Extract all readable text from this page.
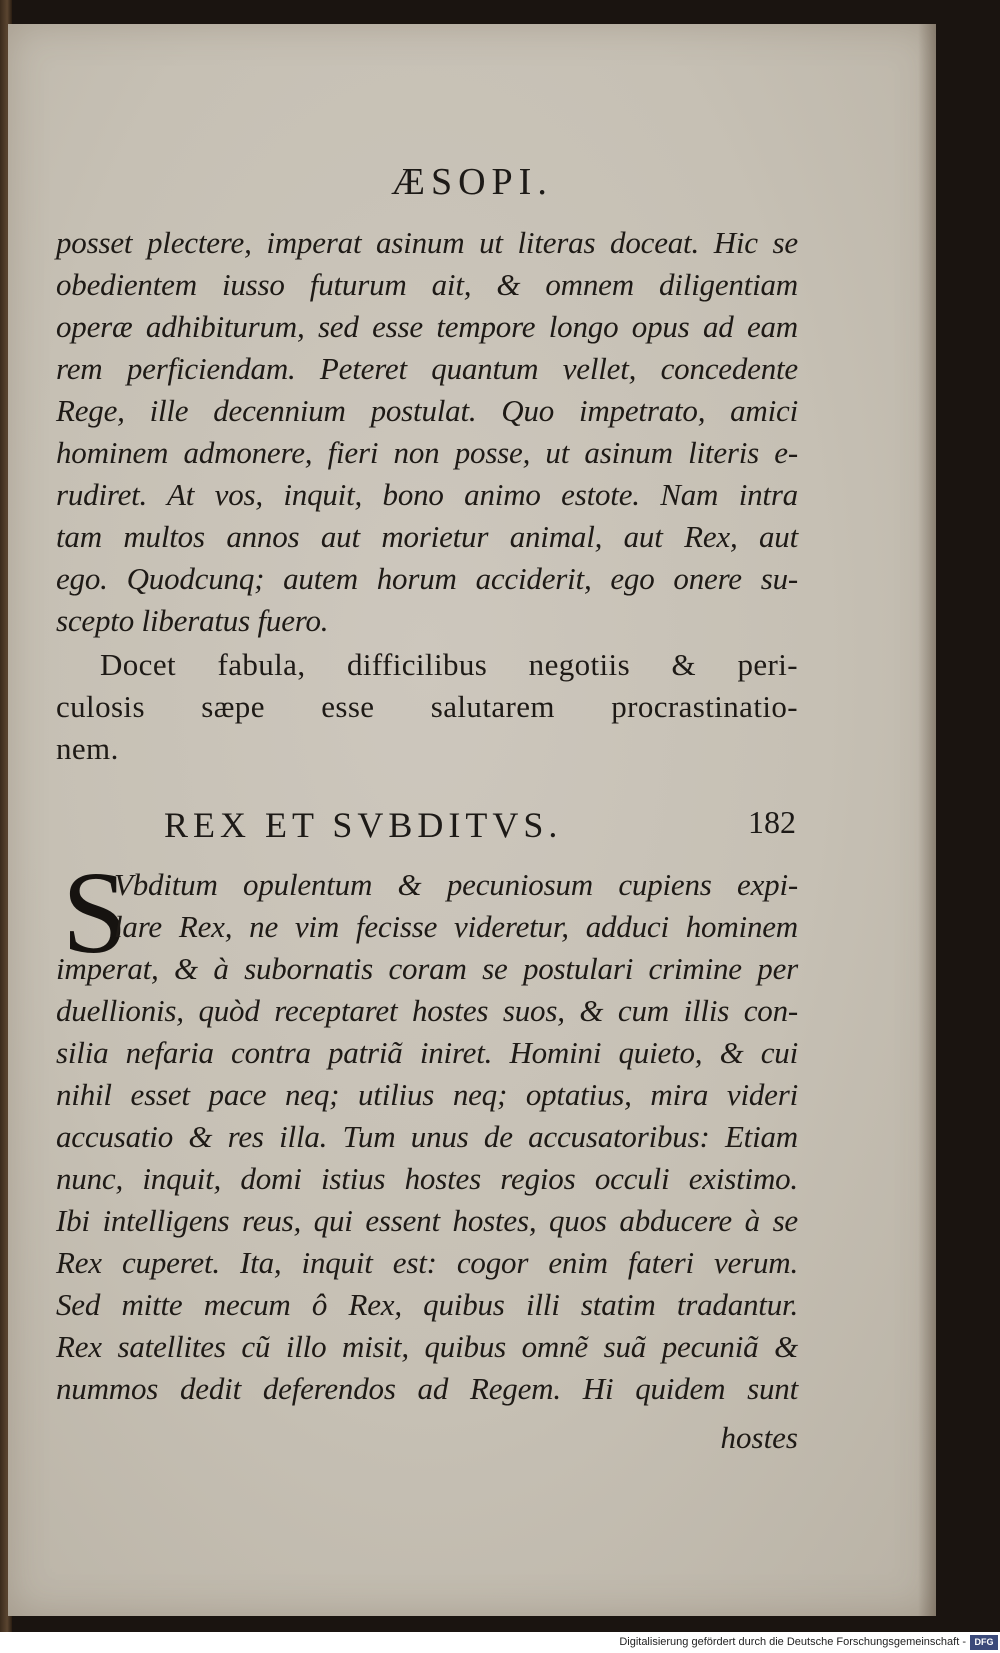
ÆSOPI.
posset plectere, imperat asinum ut literas doceat. Hic se
obedientem iusso futurum ait, & omnem diligentiam
operæ adhibiturum, sed esse tempore longo opus ad eam
rem perficiendam. Peteret quantum vellet, concedente
Rege, ille decennium postulat. Quo impetrato, amici
hominem admonere, fieri non posse, ut asinum literis e-
rudiret. At vos, inquit, bono animo estote. Nam intra
tam multos annos aut morietur animal, aut Rex, aut
ego. Quodcunq; autem horum acciderit, ego onere su-
scepto liberatus fuero.
Docet fabula, difficilibus negotiis & peri-
culosis sæpe esse salutarem procrastinatio-
nem.
REX ET SVBDITVS.	182
S
Vbditum opulentum & pecuniosum cupiens expi-
lare Rex, ne vim fecisse videretur, adduci hominem
imperat, & à subornatis coram se postulari crimine per
duellionis, quòd receptaret hostes suos, & cum illis con-
silia nefaria contra patriã iniret. Homini quieto, & cui
nihil esset pace neq; utilius neq; optatius, mira videri
accusatio & res illa. Tum unus de accusatoribus: Etiam
nunc, inquit, domi istius hostes regios occuli existimo.
Ibi intelligens reus, qui essent hostes, quos abducere à se
Rex cuperet. Ita, inquit est: cogor enim fateri verum.
Sed mitte mecum ô Rex, quibus illi statim tradantur.
Rex satellites cũ illo misit, quibus omnẽ suã pecuniã &
nummos dedit deferendos ad Regem. Hi quidem sunt
hostes
Digitalisierung gefördert durch die Deutsche Forschungsgemeinschaft - DFG
